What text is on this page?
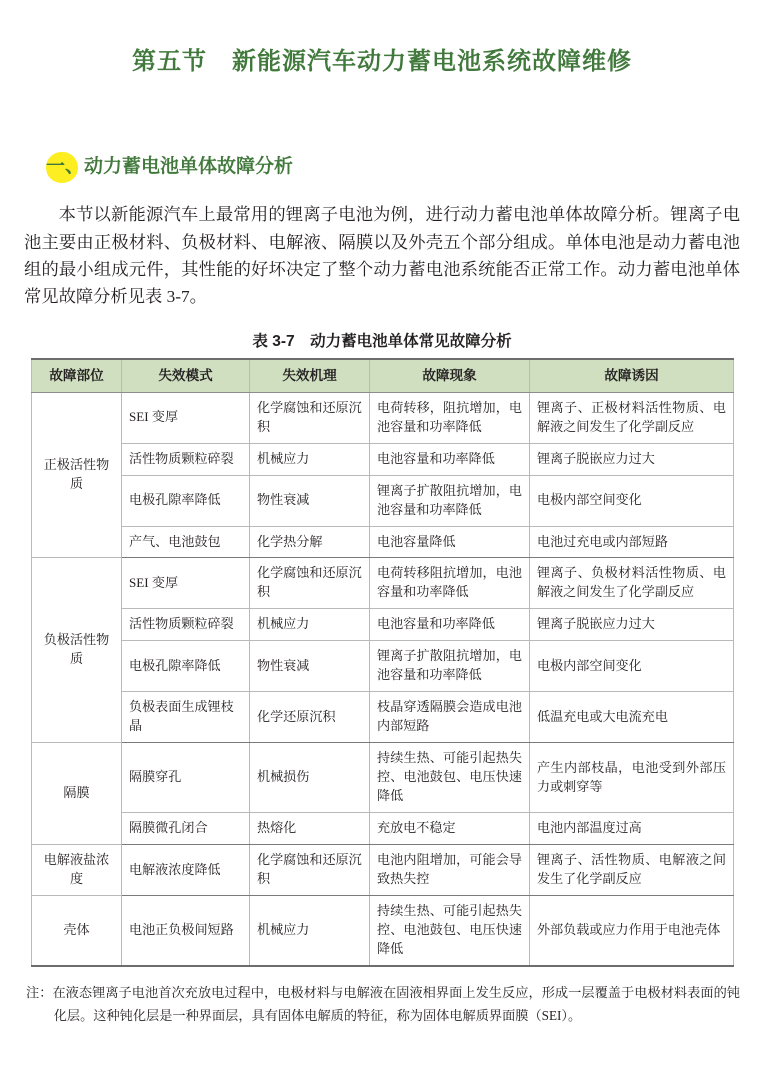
第五节　新能源汽车动力蓄电池系统故障维修
一、动力蓄电池单体故障分析

本节以新能源汽车上最常用的锂离子电池为例，进行动力蓄电池单体故障分析。锂离子电池主要由正极材料、负极材料、电解液、隔膜以及外壳五个部分组成。单体电池是动力蓄电池组的最小组成元件，其性能的好坏决定了整个动力蓄电池系统能否正常工作。动力蓄电池单体常见故障分析见表 3-7。

表 3-7　动力蓄电池单体常见故障分析
故障部位	失效模式	失效机理	故障现象	故障诱因
正极活性物质	SEI 变厚	化学腐蚀和还原沉积	电荷转移，阻抗增加，电池容量和功率降低	锂离子、正极材料活性物质、电解液之间发生了化学副反应
	活性物质颗粒碎裂	机械应力	电池容量和功率降低	锂离子脱嵌应力过大
	电极孔隙率降低	物性衰减	锂离子扩散阻抗增加，电池容量和功率降低	电极内部空间变化
	产气、电池鼓包	化学热分解	电池容量降低	电池过充电或内部短路
负极活性物质	SEI 变厚	化学腐蚀和还原沉积	电荷转移阻抗增加，电池容量和功率降低	锂离子、负极材料活性物质、电解液之间发生了化学副反应
	活性物质颗粒碎裂	机械应力	电池容量和功率降低	锂离子脱嵌应力过大
	电极孔隙率降低	物性衰减	锂离子扩散阻抗增加，电池容量和功率降低	电极内部空间变化
	负极表面生成锂枝晶	化学还原沉积	枝晶穿透隔膜会造成电池内部短路	低温充电或大电流充电
隔膜	隔膜穿孔	机械损伤	持续生热、可能引起热失控、电池鼓包、电压快速降低	产生内部枝晶，电池受到外部压力或刺穿等
	隔膜微孔闭合	热熔化	充放电不稳定	电池内部温度过高
电解液盐浓度	电解液浓度降低	化学腐蚀和还原沉积	电池内阻增加，可能会导致热失控	锂离子、活性物质、电解液之间发生了化学副反应
壳体	电池正负极间短路	机械应力	持续生热、可能引起热失控、电池鼓包、电压快速降低	外部负载或应力作用于电池壳体

注：在液态锂离子电池首次充放电过程中，电极材料与电解液在固液相界面上发生反应，形成一层覆盖于电极材料表面的钝化层。这种钝化层是一种界面层，具有固体电解质的特征，称为固体电解质界面膜（SEI）。
